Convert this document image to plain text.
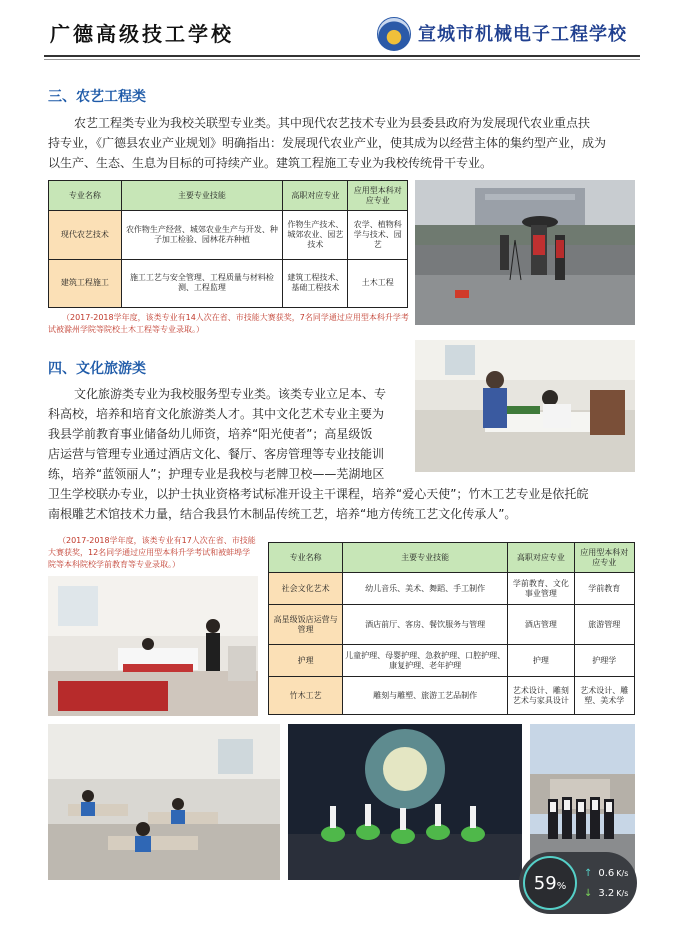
广德高级技工学校	宣城市机械电子工程学校
三、农艺工程类
农艺工程类专业为我校关联型专业类。其中现代农艺技术专业为县委县政府为发展现代农业重点扶
持专业，《广德县农业产业规划》明确指出：发展现代农业产业，使其成为以经营主体的集约型产业，成为
以生产、生态、生息为目标的可持续产业。建筑工程施工专业为我校传统骨干专业。
专业名称	主要专业技能	高职对应专业	应用型本科对应专业
现代农艺技术	农作物生产经营、城郊农业生产与开发、种子加工检验、园林花卉种植	作物生产技术、城郊农业、园艺技术	农学、植物科学与技术、园艺
建筑工程施工	施工工艺与安全管理、工程质量与材料检测、工程监理	建筑工程技术、基础工程技术	土木工程
（2017-2018学年度，该类专业有14人次在省、市技能大赛获奖，7名同学通过应用型本科升学考
试被滁州学院等院校土木工程等专业录取。）
四、文化旅游类
文化旅游类专业为我校服务型专业类。该类专业立足本、专
科高校，培养和培育文化旅游类人才。其中文化艺术专业主要为
我县学前教育事业储备幼儿师资，培养“阳光使者”；高星级饭
店运营与管理专业通过酒店文化、餐厅、客房管理等专业技能训
练，培养“蓝领丽人”；护理专业是我校与老牌卫校——芜湖地区
卫生学校联办专业，以护士执业资格考试标准开设主干课程，培养“爱心天使”；竹木工艺专业是依托皖
南根雕艺术馆技术力量，结合我县竹木制品传统工艺，培养“地方传统工艺文化传承人”。
（2017-2018学年度，该类专业有17人次在省、市技能
大赛获奖，12名同学通过应用型本科升学考试和被蚌埠学
院等本科院校学前教育等专业录取。）
专业名称	主要专业技能	高职对应专业	应用型本科对应专业
社会文化艺术	幼儿音乐、美术、舞蹈、手工制作	学前教育、文化事业管理	学前教育
高星级饭店运营与管理	酒店前厅、客房、餐饮服务与管理	酒店管理	旅游管理
护理	儿童护理、母婴护理、急救护理、口腔护理、康复护理、老年护理	护理	护理学
竹木工艺	雕刻与雕塑、旅游工艺品制作	艺术设计、雕刻艺术与家具设计	艺术设计、雕塑、美术学
59 %
↑ 0.6 K/s
↓ 3.2 K/s
